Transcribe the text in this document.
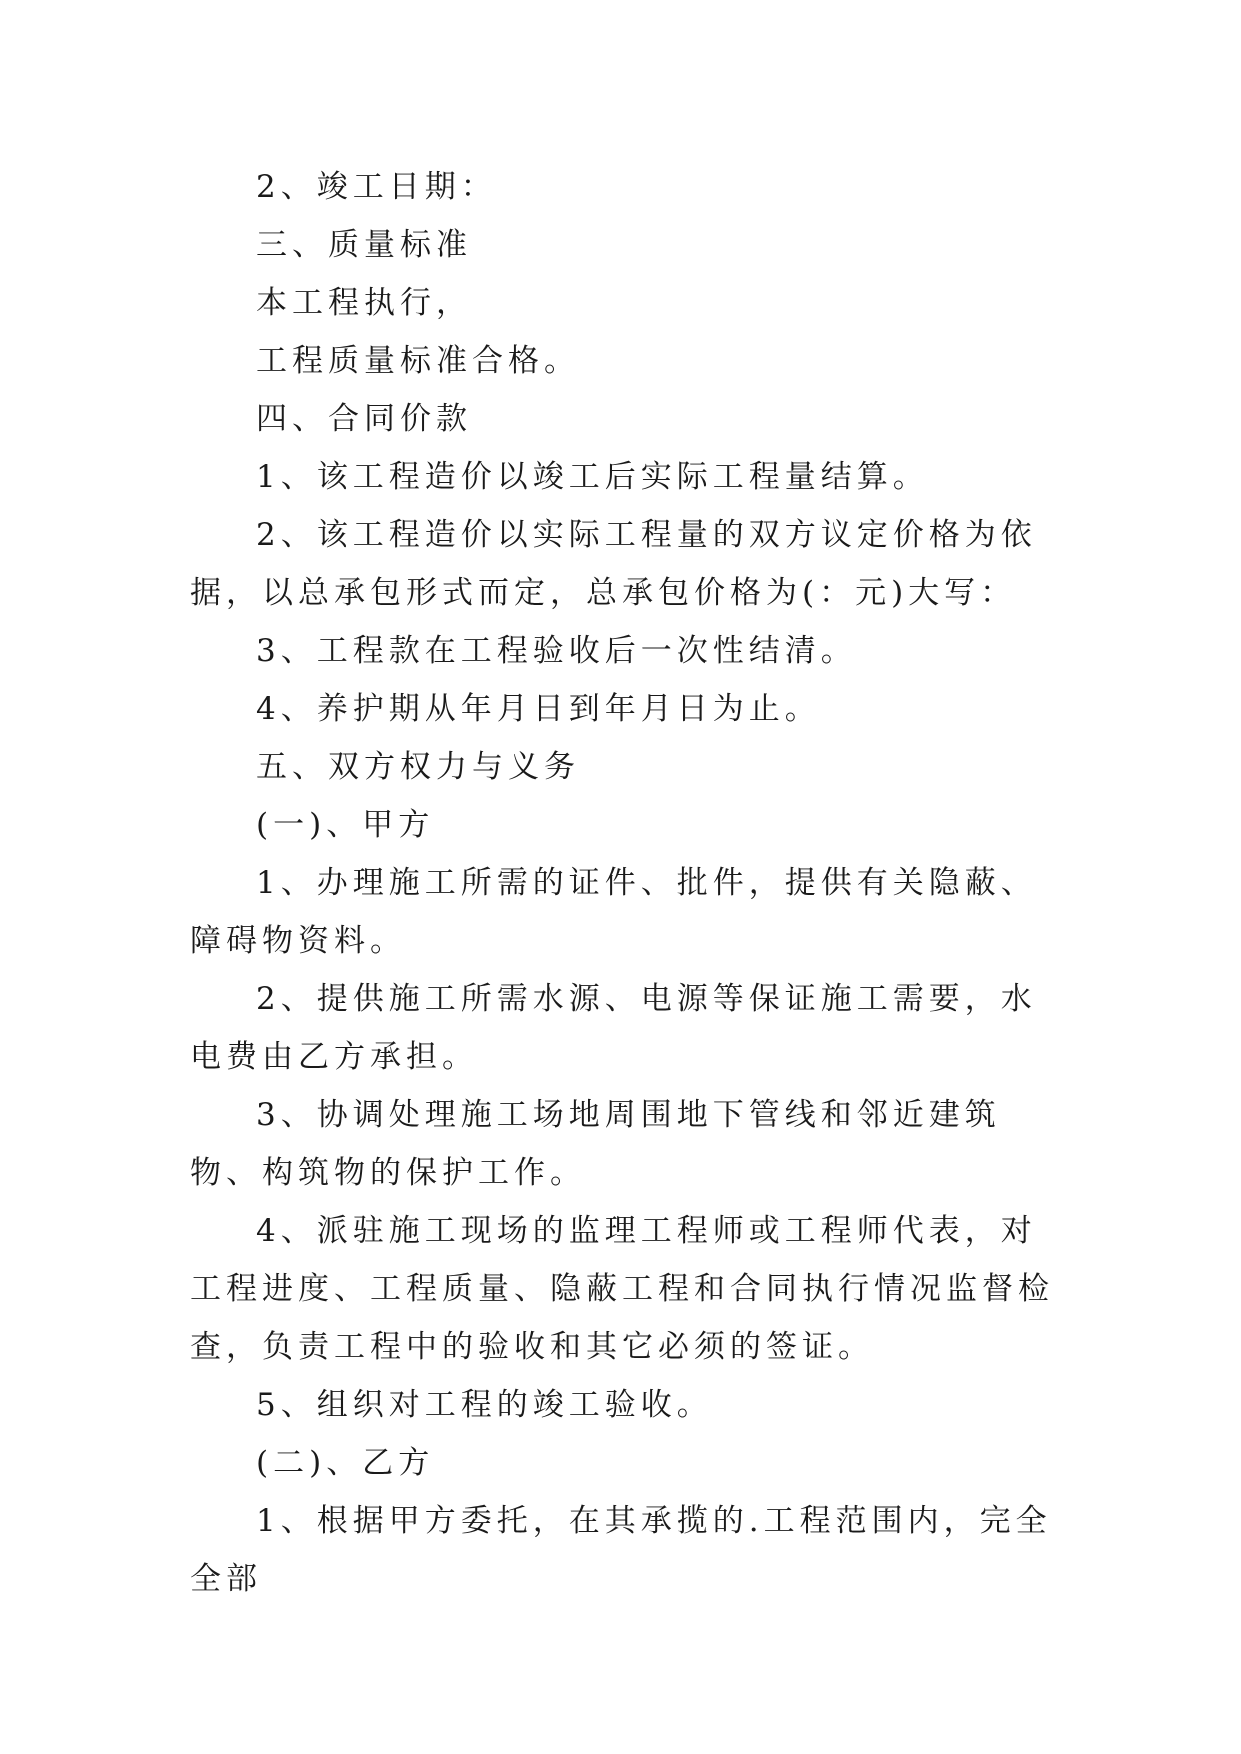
2、竣工日期：

三、质量标准

本工程执行，

工程质量标准合格。

四、合同价款

1、该工程造价以竣工后实际工程量结算。

2、该工程造价以实际工程量的双方议定价格为依据，以总承包形式而定，总承包价格为(：元)大写：

3、工程款在工程验收后一次性结清。

4、养护期从年月日到年月日为止。

五、双方权力与义务

(一)、甲方

1、办理施工所需的证件、批件，提供有关隐蔽、障碍物资料。

2、提供施工所需水源、电源等保证施工需要，水电费由乙方承担。

3、协调处理施工场地周围地下管线和邻近建筑物、构筑物的保护工作。

4、派驻施工现场的监理工程师或工程师代表，对工程进度、工程质量、隐蔽工程和合同执行情况监督检查，负责工程中的验收和其它必须的签证。

5、组织对工程的竣工验收。

(二)、乙方

1、根据甲方委托，在其承揽的.工程范围内，完全全部
